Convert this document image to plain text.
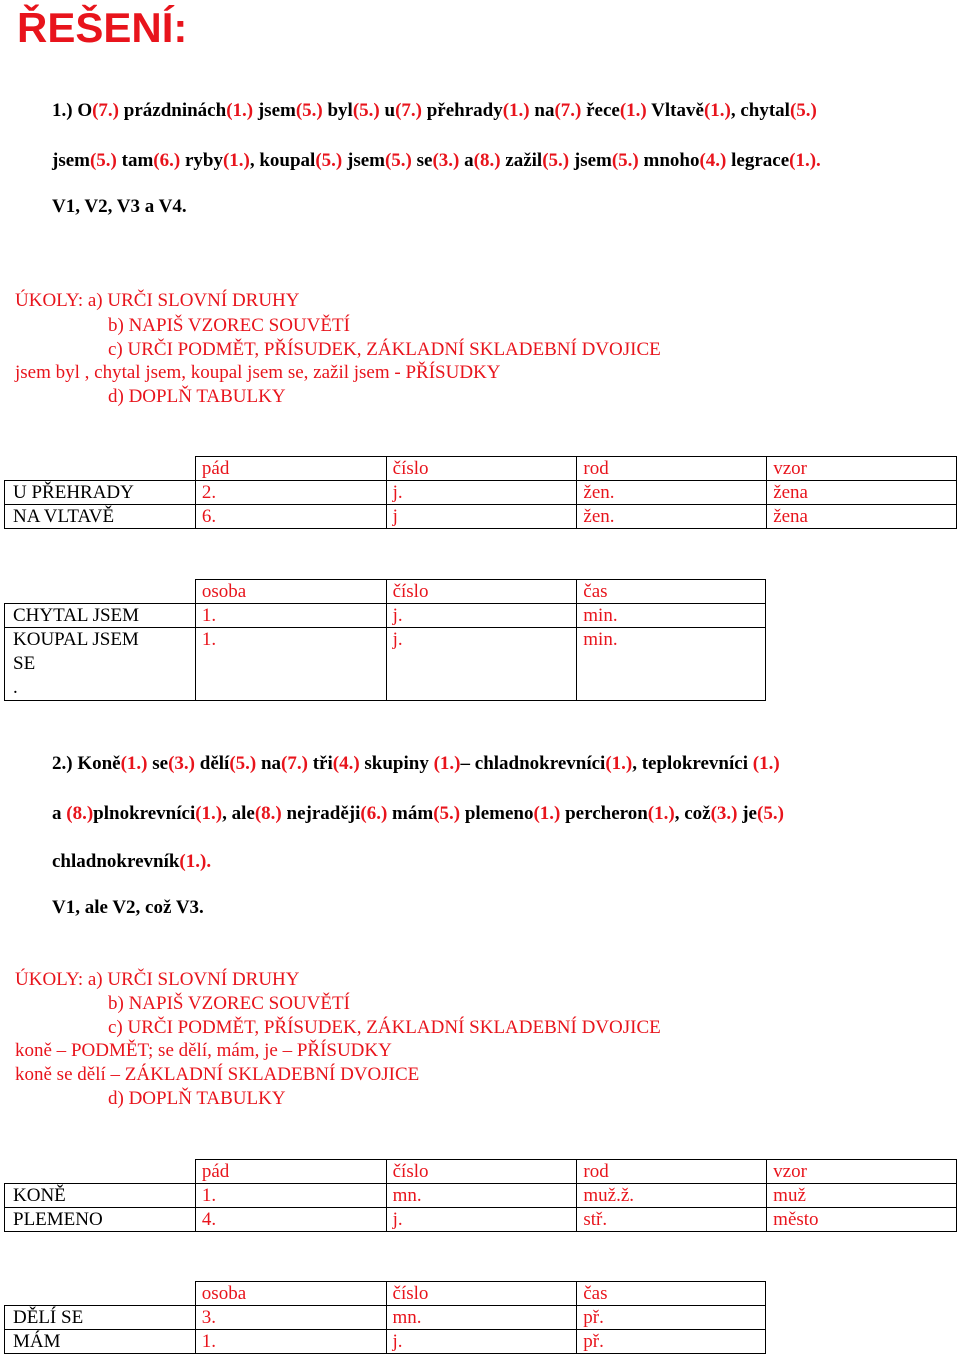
ŘEŠENÍ:
1.) O(7.) prázdninách(1.) jsem(5.) byl(5.) u(7.) přehrady(1.) na(7.) řece(1.) Vltavě(1.), chytal(5.)
jsem(5.) tam(6.) ryby(1.), koupal(5.) jsem(5.) se(3.) a(8.) zažil(5.) jsem(5.) mnoho(4.) legrace(1.).
V1, V2, V3 a V4.
ÚKOLY: a) URČI SLOVNÍ DRUHY
b) NAPIŠ VZOREC SOUVĚTÍ
c) URČI PODMĚT, PŘÍSUDEK, ZÁKLADNÍ SKLADEBNÍ DVOJICE
jsem byl , chytal jsem, koupal jsem se, zažil jsem - PŘÍSUDKY
d) DOPLŇ TABULKY
	pád	číslo	rod	vzor
U PŘEHRADY	2.	j.	žen.	žena
NA VLTAVĚ	6.	j	žen.	žena
	osoba	číslo	čas
CHYTAL JSEM	1.	j.	min.

KOUPAL JSEM
SE
.	1.	j.	min.
2.) Koně(1.) se(3.) dělí(5.) na(7.) tři(4.) skupiny (1.)– chladnokrevníci(1.), teplokrevníci (1.)
a (8.)plnokrevníci(1.), ale(8.) nejraději(6.) mám(5.) plemeno(1.) percheron(1.), což(3.) je(5.)
chladnokrevník(1.).
V1, ale V2, což V3.
ÚKOLY: a) URČI SLOVNÍ DRUHY
b) NAPIŠ VZOREC SOUVĚTÍ
c) URČI PODMĚT, PŘÍSUDEK, ZÁKLADNÍ SKLADEBNÍ DVOJICE
koně – PODMĚT; se dělí, mám, je – PŘÍSUDKY
koně se dělí – ZÁKLADNÍ SKLADEBNÍ DVOJICE
d) DOPLŇ TABULKY
	pád	číslo	rod	vzor
KONĚ	1.	mn.	muž.ž.	muž
PLEMENO	4.	j.	stř.	město
	osoba	číslo	čas
DĚLÍ SE	3.	mn.	př.
MÁM	1.	j.	př.
